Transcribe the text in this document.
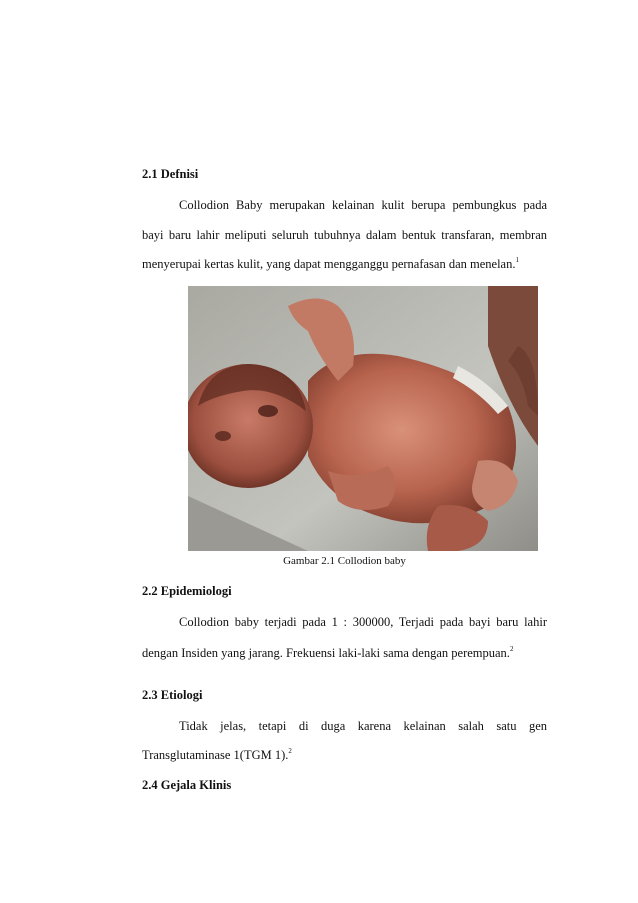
2.1 Defnisi
Collodion Baby merupakan kelainan kulit berupa pembungkus pada
bayi baru lahir meliputi seluruh tubuhnya dalam bentuk transfaran, membran
menyerupai kertas kulit, yang dapat mengganggu pernafasan dan menelan.$^1$
Gambar 2.1 Collodion baby
2.2 Epidemiologi
Collodion baby terjadi pada 1 : 300000, Terjadi pada bayi baru lahir
dengan Insiden yang jarang. Frekuensi laki-laki sama dengan perempuan.$^2$
2.3 Etiologi
Tidak jelas, tetapi di duga karena kelainan salah satu gen
Transglutaminase 1(TGM 1).$^2$
2.4 Gejala Klinis
